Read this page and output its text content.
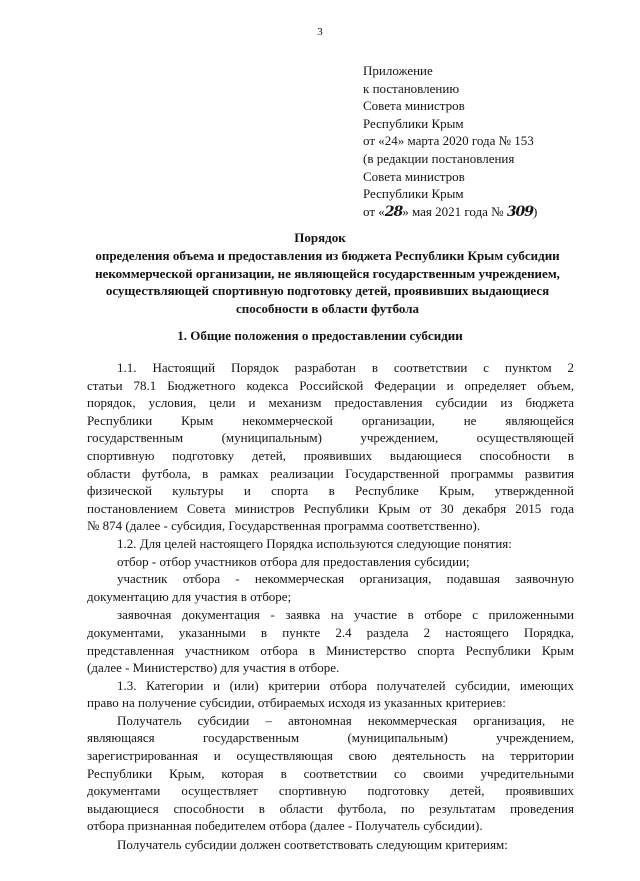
3
Приложение
к постановлению
Совета министров
Республики Крым
от «24» марта 2020 года № 153
(в редакции постановления
Совета министров
Республики Крым
от «28» мая 2021 года № 309)
Порядок
определения объема и предоставления из бюджета Республики Крым субсидии некоммерческой организации, не являющейся государственным учреждением, осуществляющей спортивную подготовку детей, проявивших выдающиеся способности в области футбола
1. Общие положения о предоставлении субсидии
1.1. Настоящий Порядок разработан в соответствии с пунктом 2
статьи 78.1 Бюджетного кодекса Российской Федерации и определяет объем,
порядок, условия, цели и механизм предоставления субсидии из бюджета
Республики Крым некоммерческой организации, не являющейся
государственным (муниципальным) учреждением, осуществляющей
спортивную подготовку детей, проявивших выдающиеся способности в
области футбола, в рамках реализации Государственной программы развития
физической культуры и спорта в Республике Крым, утвержденной
постановлением Совета министров Республики Крым от 30 декабря 2015 года
№ 874 (далее - субсидия, Государственная программа соответственно).
1.2. Для целей настоящего Порядка используются следующие понятия:
отбор - отбор участников отбора для предоставления субсидии;
участник отбора - некоммерческая организация, подавшая заявочную
документацию для участия в отборе;
заявочная документация - заявка на участие в отборе с приложенными
документами, указанными в пункте 2.4 раздела 2 настоящего Порядка,
представленная участником отбора в Министерство спорта Республики Крым
(далее - Министерство) для участия в отборе.
1.3. Категории и (или) критерии отбора получателей субсидии, имеющих
право на получение субсидии, отбираемых исходя из указанных критериев:
Получатель субсидии – автономная некоммерческая организация, не
являющаяся государственным (муниципальным) учреждением,
зарегистрированная и осуществляющая свою деятельность на территории
Республики Крым, которая в соответствии со своими учредительными
документами осуществляет спортивную подготовку детей, проявивших
выдающиеся способности в области футбола, по результатам проведения
отбора признанная победителем отбора (далее - Получатель субсидии).
Получатель субсидии должен соответствовать следующим критериям:
